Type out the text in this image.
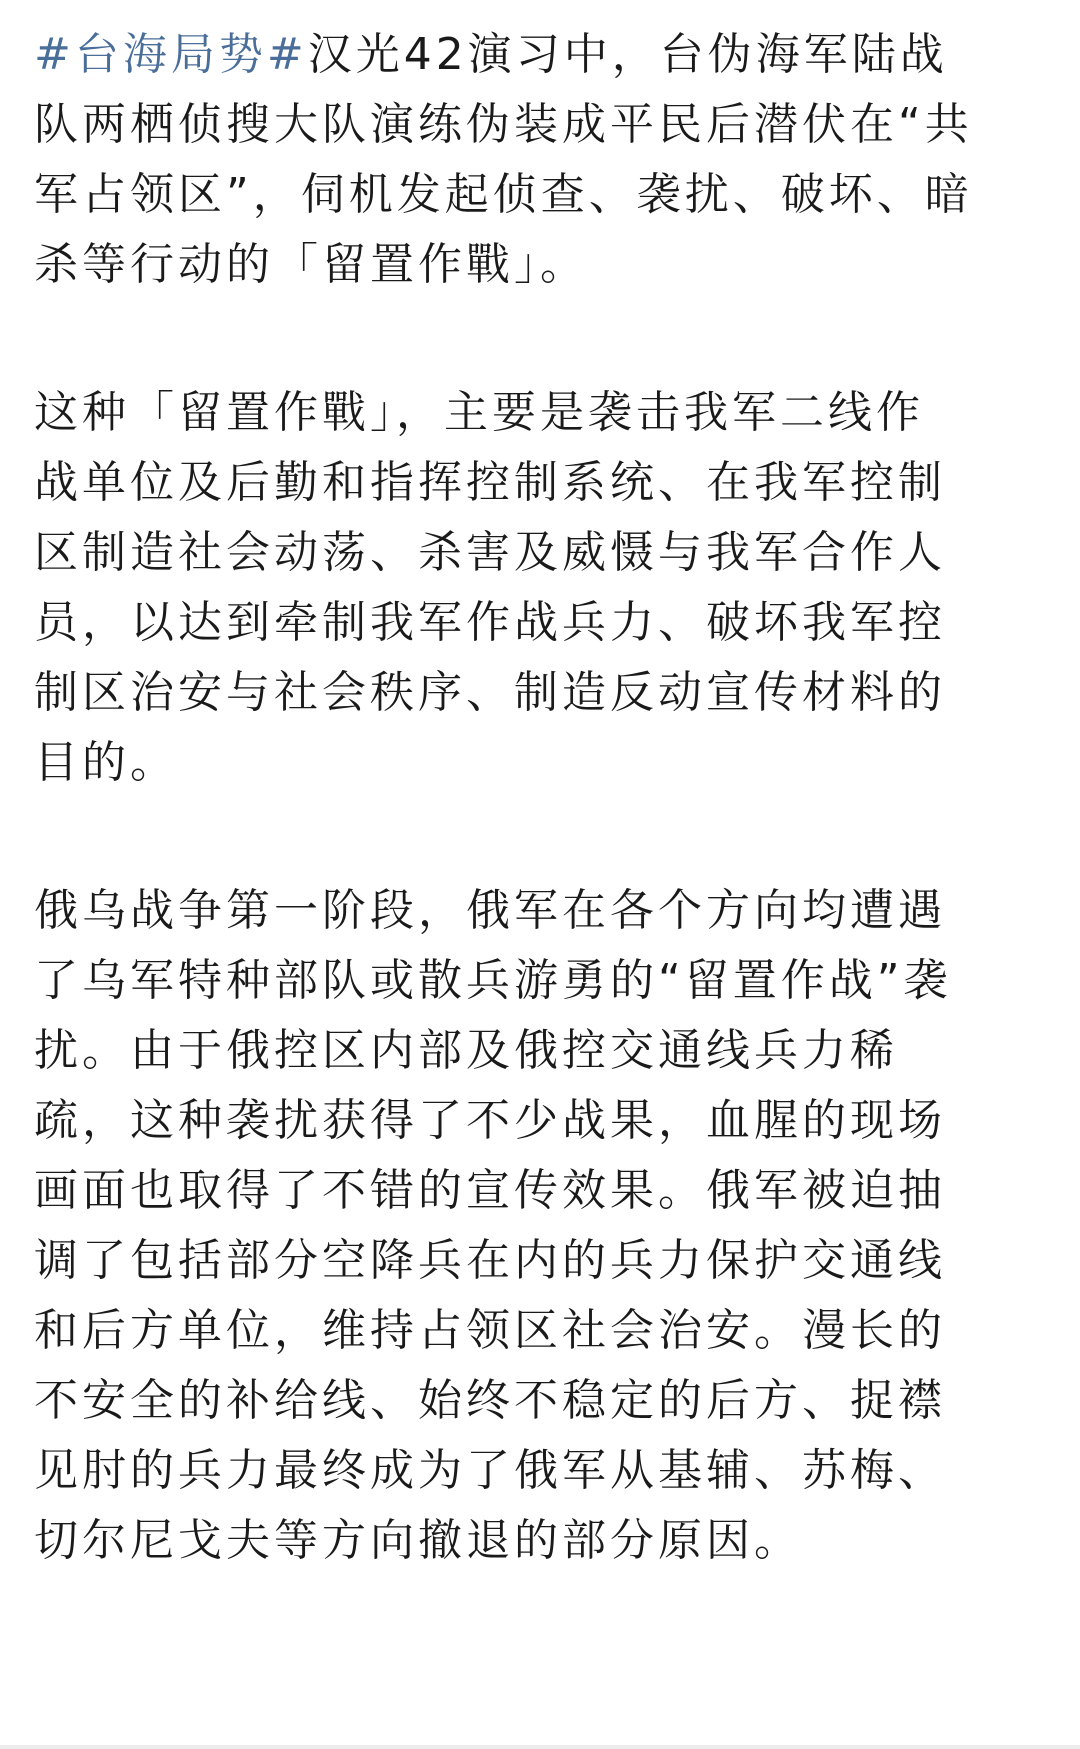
#台海局势#汉光42演习中，台伪海军陆战
队两栖侦搜大队演练伪装成平民后潜伏在“共
军占领区”，伺机发起侦查、袭扰、破坏、暗
杀等行动的「留置作戰」。
这种「留置作戰」，主要是袭击我军二线作
战单位及后勤和指挥控制系统、在我军控制
区制造社会动荡、杀害及威慑与我军合作人
员，以达到牵制我军作战兵力、破坏我军控
制区治安与社会秩序、制造反动宣传材料的
目的。
俄乌战争第一阶段，俄军在各个方向均遭遇
了乌军特种部队或散兵游勇的“留置作战”袭
扰。由于俄控区内部及俄控交通线兵力稀
疏，这种袭扰获得了不少战果，血腥的现场
画面也取得了不错的宣传效果。俄军被迫抽
调了包括部分空降兵在内的兵力保护交通线
和后方单位，维持占领区社会治安。漫长的
不安全的补给线、始终不稳定的后方、捉襟
见肘的兵力最终成为了俄军从基辅、苏梅、
切尔尼戈夫等方向撤退的部分原因。
